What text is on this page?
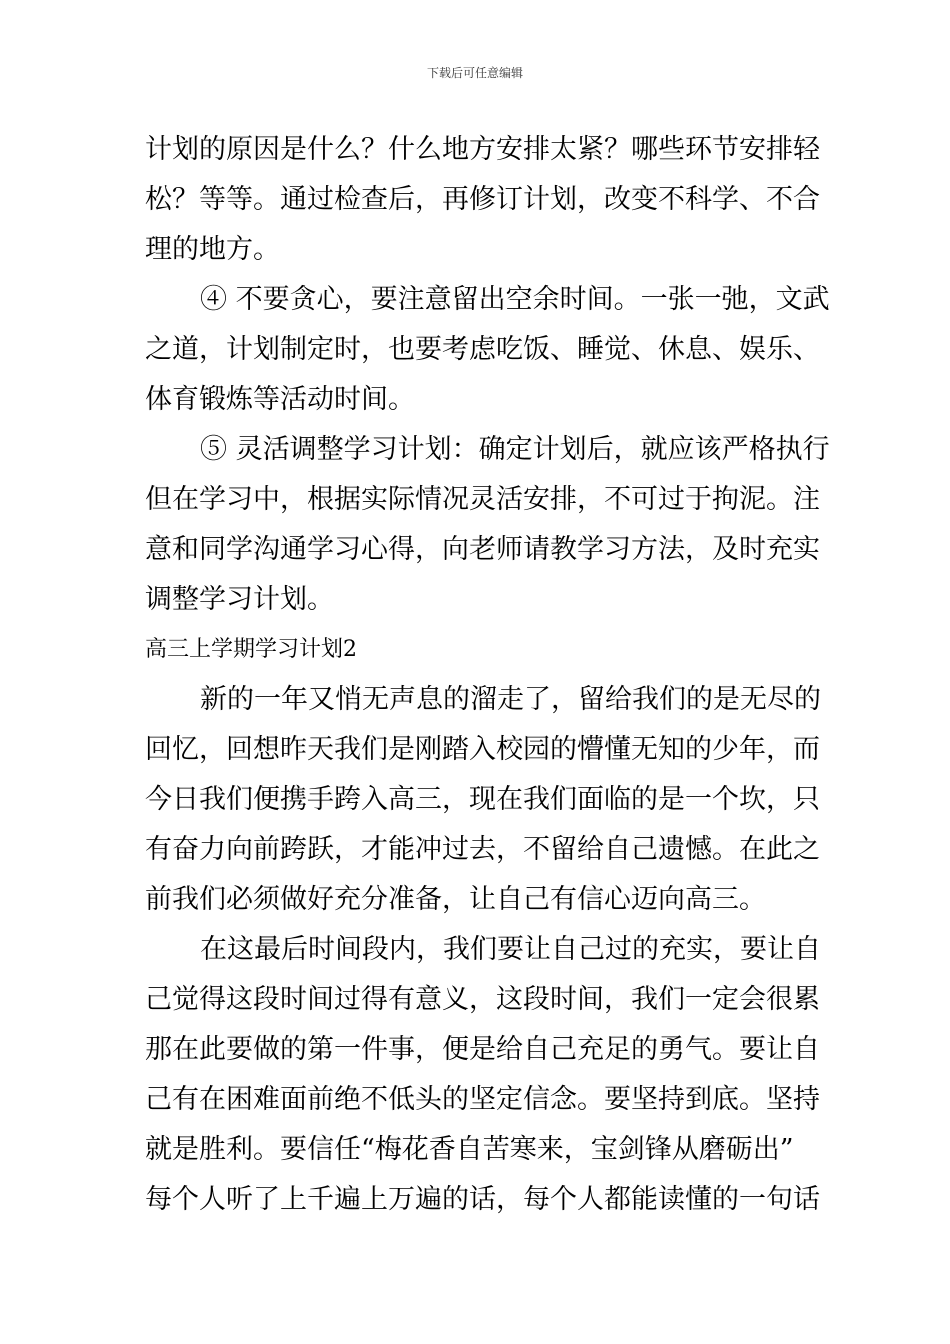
下载后可任意编辑
计划的原因是什么？什么地方安排太紧？哪些环节安排轻
松？等等。通过检查后，再修订计划，改变不科学、不合
理的地方。
④ 不要贪心，要注意留出空余时间。一张一弛，文武
之道，计划制定时，也要考虑吃饭、睡觉、休息、娱乐、
体育锻炼等活动时间。
⑤ 灵活调整学习计划：确定计划后，就应该严格执行
但在学习中，根据实际情况灵活安排，不可过于拘泥。注
意和同学沟通学习心得，向老师请教学习方法，及时充实
调整学习计划。
高三上学期学习计划2
新的一年又悄无声息的溜走了，留给我们的是无尽的
回忆，回想昨天我们是刚踏入校园的懵懂无知的少年，而
今日我们便携手跨入高三，现在我们面临的是一个坎，只
有奋力向前跨跃，才能冲过去，不留给自己遗憾。在此之
前我们必须做好充分准备，让自己有信心迈向高三。
在这最后时间段内，我们要让自己过的充实，要让自
己觉得这段时间过得有意义，这段时间，我们一定会很累
那在此要做的第一件事，便是给自己充足的勇气。要让自
己有在困难面前绝不低头的坚定信念。要坚持到底。坚持
就是胜利。要信任“梅花香自苦寒来，宝剑锋从磨砺出”
每个人听了上千遍上万遍的话，每个人都能读懂的一句话
